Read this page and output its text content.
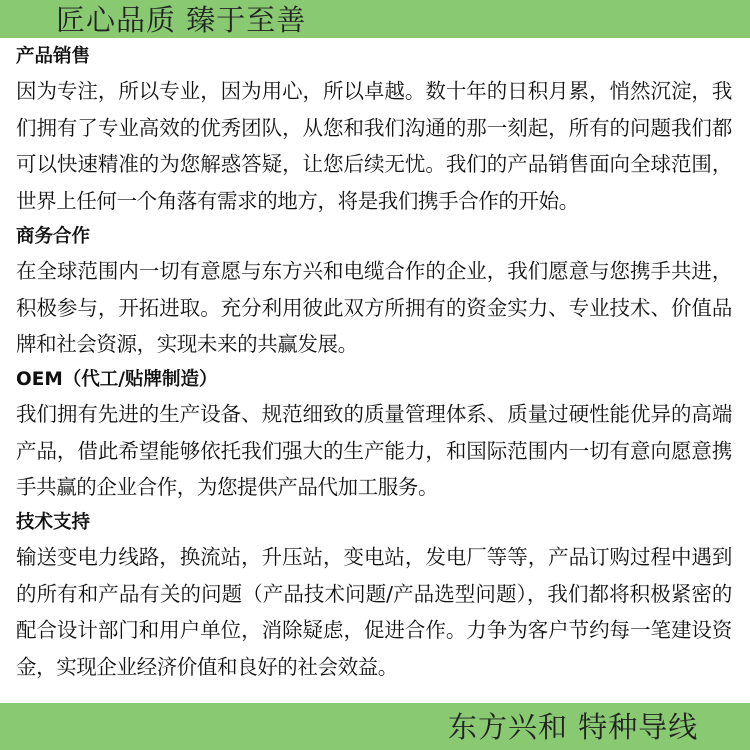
匠心品质 臻于至善
产品销售

因为专注，所以专业，因为用心，所以卓越。数十年的日积月累，悄然沉淀，我们拥有了专业高效的优秀团队，从您和我们沟通的那一刻起，所有的问题我们都可以快速精准的为您解惑答疑，让您后续无忧。我们的产品销售面向全球范围，世界上任何一个角落有需求的地方，将是我们携手合作的开始。

商务合作

在全球范围内一切有意愿与东方兴和电缆合作的企业，我们愿意与您携手共进，积极参与，开拓进取。充分利用彼此双方所拥有的资金实力、专业技术、价值品牌和社会资源，实现未来的共赢发展。

OEM（代工/贴牌制造）

我们拥有先进的生产设备、规范细致的质量管理体系、质量过硬性能优异的高端产品，借此希望能够依托我们强大的生产能力，和国际范围内一切有意向愿意携手共赢的企业合作，为您提供产品代加工服务。

技术支持

输送变电力线路，换流站，升压站，变电站，发电厂等等，产品订购过程中遇到的所有和产品有关的问题（产品技术问题/产品选型问题），我们都将积极紧密的配合设计部门和用户单位，消除疑虑，促进合作。力争为客户节约每一笔建设资金，实现企业经济价值和良好的社会效益。

东方兴和 特种导线
